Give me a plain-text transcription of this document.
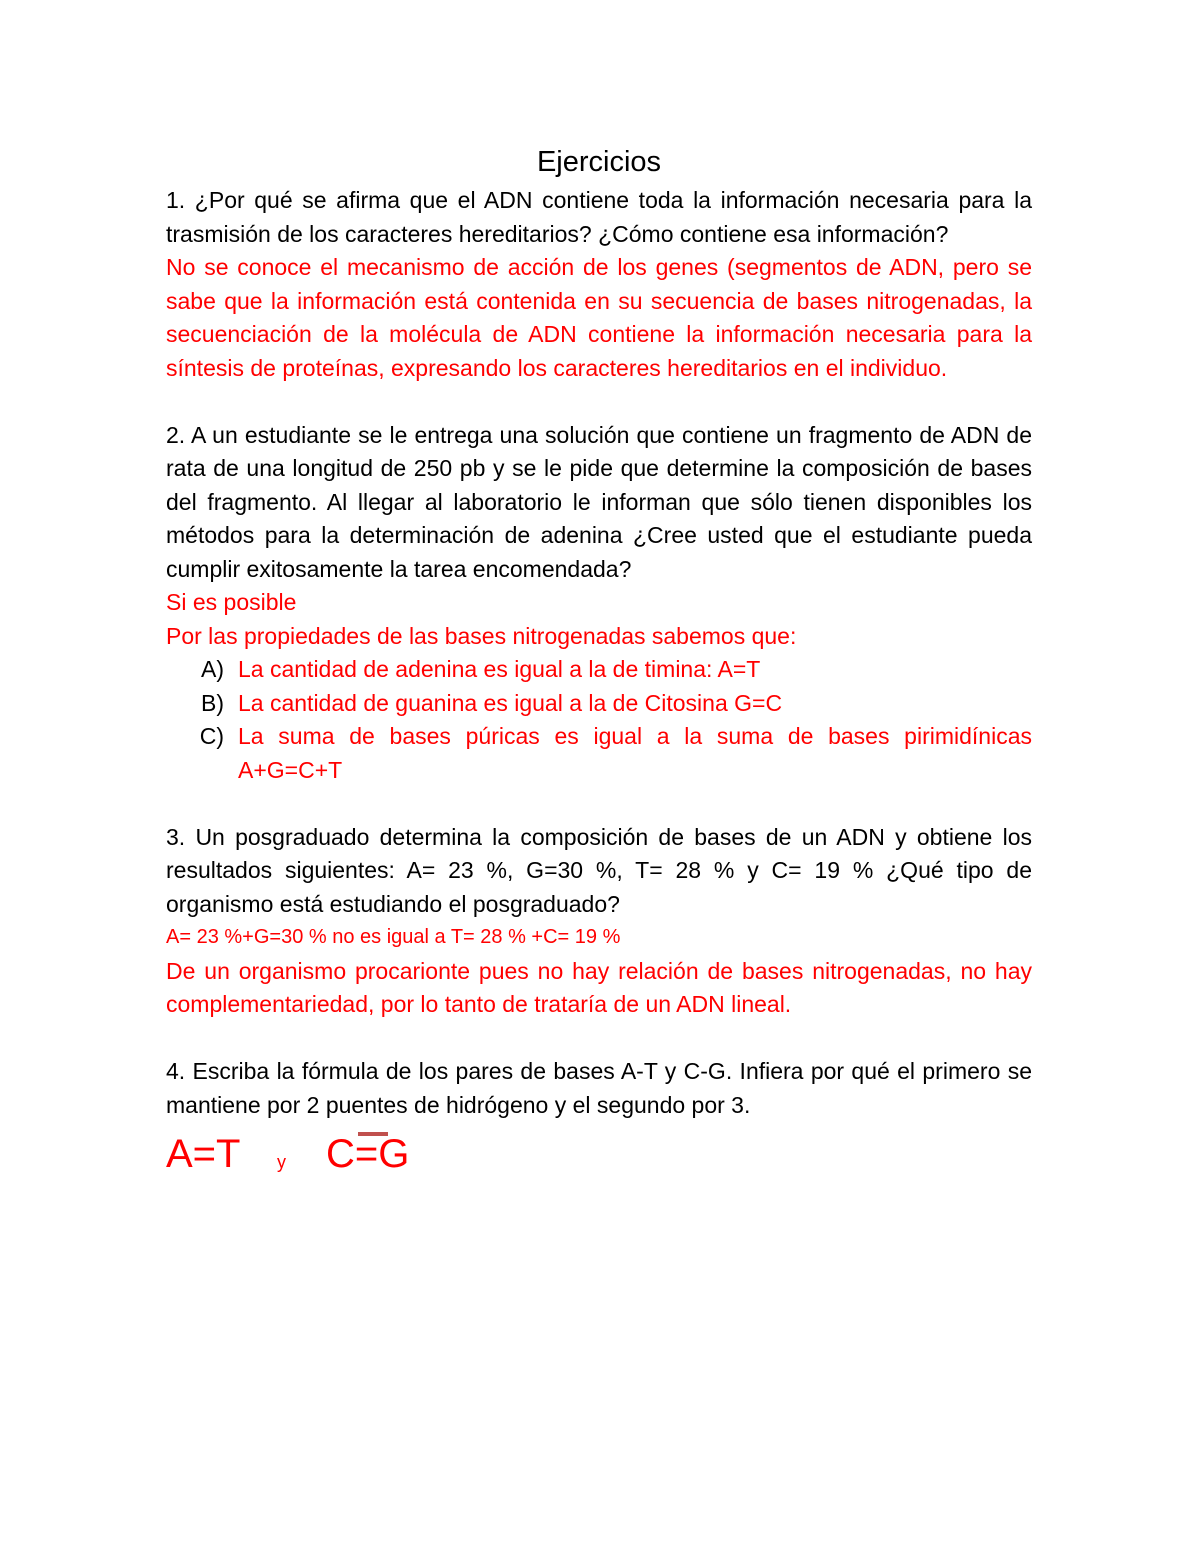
Ejercicios

1. ¿Por qué se afirma que el ADN contiene toda la información necesaria para la trasmisión de los caracteres hereditarios? ¿Cómo contiene esa información?

No se conoce el mecanismo de acción de los genes (segmentos de ADN, pero se sabe que la información está contenida en su secuencia de bases nitrogenadas, la secuenciación de la molécula de ADN contiene la información necesaria para la síntesis de proteínas, expresando los caracteres hereditarios en el individuo.

2. A un estudiante se le entrega una solución que contiene un fragmento de ADN de rata de una longitud de 250 pb y se le pide que determine la composición de bases del fragmento. Al llegar al laboratorio le informan que sólo tienen disponibles los métodos para la determinación de adenina ¿Cree usted que el estudiante pueda cumplir exitosamente la tarea encomendada?

Si es posible

Por las propiedades de las bases nitrogenadas sabemos que:

A) La cantidad de adenina es igual a la de timina: A=T
B) La cantidad de guanina es igual a la de Citosina G=C
C) La suma de bases púricas es igual a la suma de bases pirimidínicas A+G=C+T

3. Un posgraduado determina la composición de bases de un ADN y obtiene los resultados siguientes: A= 23 %, G=30 %, T= 28 % y C= 19 % ¿Qué tipo de organismo está estudiando el posgraduado?

A= 23 %+G=30 % no es igual a T= 28 % +C= 19 %

De un organismo procarionte pues no hay relación de bases nitrogenadas, no hay complementariedad, por lo tanto de trataría de un ADN lineal.

4. Escriba la fórmula de los pares de bases A-T y C-G. Infiera por qué el primero se mantiene por 2 puentes de hidrógeno y el segundo por 3.

A=T y C=G
